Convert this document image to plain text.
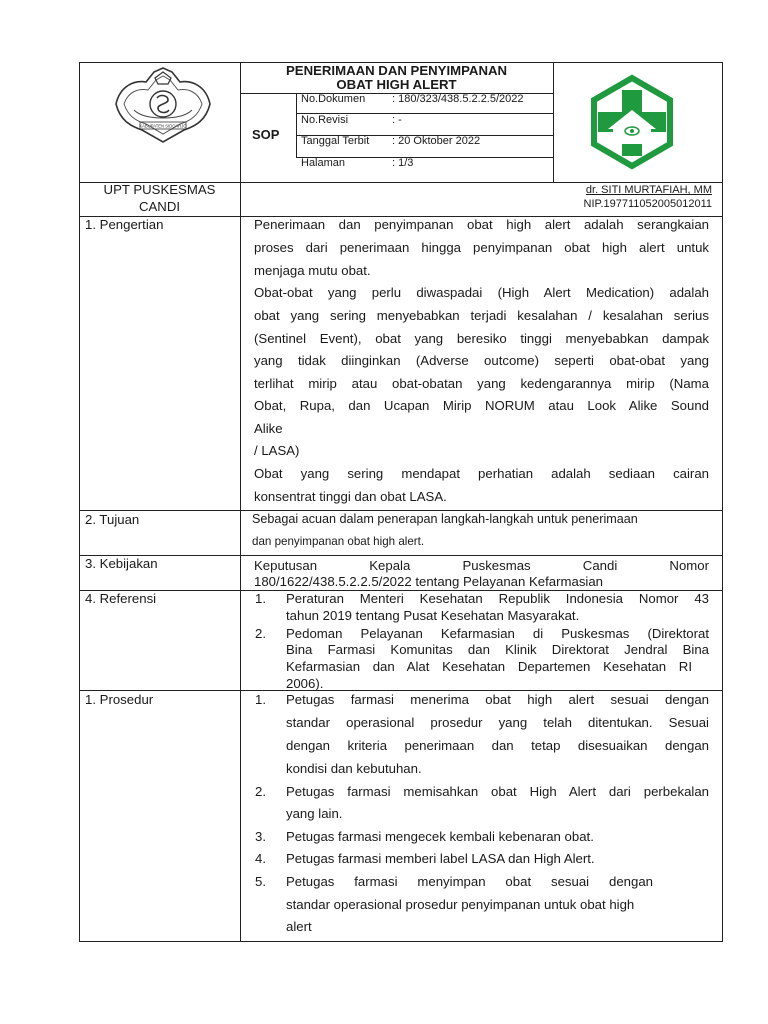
KABUPATEN SIDOARJO
PENERIMAAN DAN PENYIMPANAN
OBAT HIGH ALERT
SOP
No.Dokumen : 180/323/438.5.2.2.5/2022
No.Revisi	: -
Tanggal Terbit : 20 Oktober 2022
Halaman	: 1/3
UPT PUSKESMAS
CANDI
dr. SITI MURTAFIAH, MM
NIP.197711052005012011
1. Pengertian	Penerimaan dan penyimpanan obat high alert adalah serangkaian
proses dari penerimaan hingga penyimpanan obat high alert untuk
menjaga mutu obat.
Obat-obat yang perlu diwaspadai (High Alert Medication) adalah
obat yang sering menyebabkan terjadi kesalahan / kesalahan serius
(Sentinel Event), obat yang beresiko tinggi menyebabkan dampak
yang tidak diinginkan (Adverse outcome) seperti obat-obat yang
terlihat mirip atau obat-obatan yang kedengarannya mirip (Nama
Obat, Rupa, dan Ucapan Mirip NORUM atau Look Alike Sound
Alike
/ LASA)
Obat yang sering mendapat perhatian adalah sediaan cairan
konsentrat tinggi dan obat LASA.
2. Tujuan	Sebagai acuan dalam penerapan langkah-langkah untuk penerimaan
dan penyimpanan obat high alert.
3. Kebijakan	Keputusan Kepala Puskesmas Candi Nomor
180/1622/438.5.2.2.5/2022 tentang Pelayanan Kefarmasian
4. Referensi	1. Peraturan Menteri Kesehatan Republik Indonesia Nomor 43
tahun 2019 tentang Pusat Kesehatan Masyarakat.
2. Pedoman Pelayanan Kefarmasian di Puskesmas (Direktorat
Bina Farmasi Komunitas dan Klinik Direktorat Jendral Bina
Kefarmasian dan Alat Kesehatan Departemen Kesehatan RI
2006).
1. Prosedur	1. Petugas farmasi menerima obat high alert sesuai dengan
standar operasional prosedur yang telah ditentukan. Sesuai
dengan kriteria penerimaan dan tetap disesuaikan dengan
kondisi dan kebutuhan.
2. Petugas farmasi memisahkan obat High Alert dari perbekalan
yang lain.
3. Petugas farmasi mengecek kembali kebenaran obat.
4. Petugas farmasi memberi label LASA dan High Alert.
5. Petugas farmasi menyimpan obat sesuai dengan
standar operasional prosedur penyimpanan untuk obat high
alert
